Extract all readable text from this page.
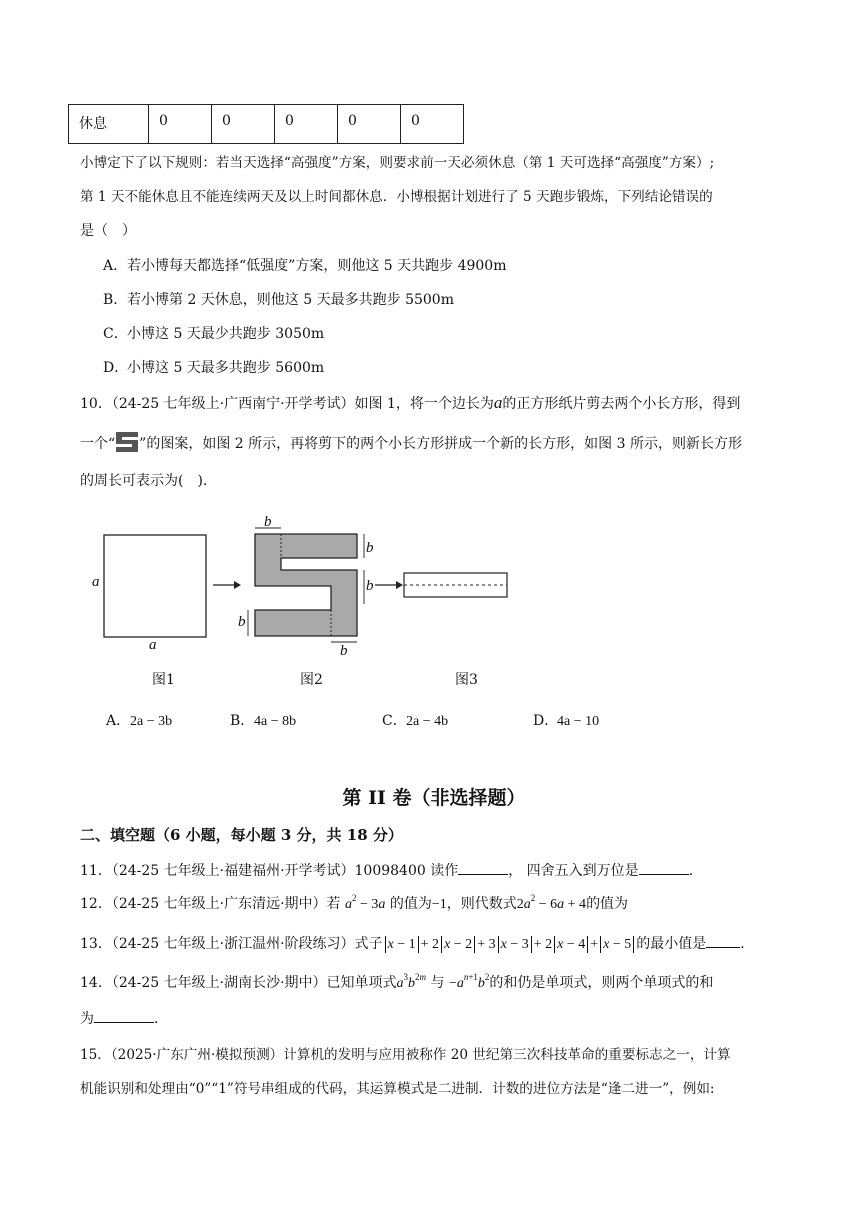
休息	0	0	0	0	0
小博定下了以下规则：若当天选择“高强度”方案，则要求前一天必须休息（第 1 天可选择“高强度”方案）;
第 1 天不能休息且不能连续两天及以上时间都休息．小博根据计划进行了 5 天跑步锻炼，下列结论错误的
是（　）
A．若小博每天都选择“低强度”方案，则他这 5 天共跑步 4900m
B．若小博第 2 天休息，则他这 5 天最多共跑步 5500m
C．小博这 5 天最少共跑步 3050m
D．小博这 5 天最多共跑步 5600m
10．（24-25 七年级上·广西南宁·开学考试）如图 1，将一个边长为a的正方形纸片剪去两个小长方形，得到
一个“ ”的图案，如图 2 所示，再将剪下的两个小长方形拼成一个新的长方形，如图 3 所示，则新长方形
的周长可表示为(　).
a
a
b
b
b
b
b
图1	图2	图3
A．2a − 3b	B．4a − 8b	C．2a − 4b	D．4a − 10
第 II 卷（非选择题）
二、填空题（6 小题，每小题 3 分，共 18 分）
11．（24-25 七年级上·福建福州·开学考试）10098400 读作	， 四舍五入到万位是	.
12．（24-25 七年级上·广东清远·期中）若 $a^2 - 3a$ 的值为−1，则代数式$2a^2 - 6a + 4$的值为
13．（24-25 七年级上·浙江温州·阶段练习）式子 x − 1 + 2 x − 2 + 3 x − 3 + 2 x − 4 + x − 5 的最小值是 .
14．（24-25 七年级上·湖南长沙·期中）已知单项式$a^3b^{2m}$ 与 $-a^{n+1}b^2$的和仍是单项式，则两个单项式的和
为	.
15．（2025·广东广州·模拟预测）计算机的发明与应用被称作 20 世纪第三次科技革命的重要标志之一，计算
机能识别和处理由“0”“1”符号串组成的代码，其运算模式是二进制．计数的进位方法是“逢二进一”，例如:
